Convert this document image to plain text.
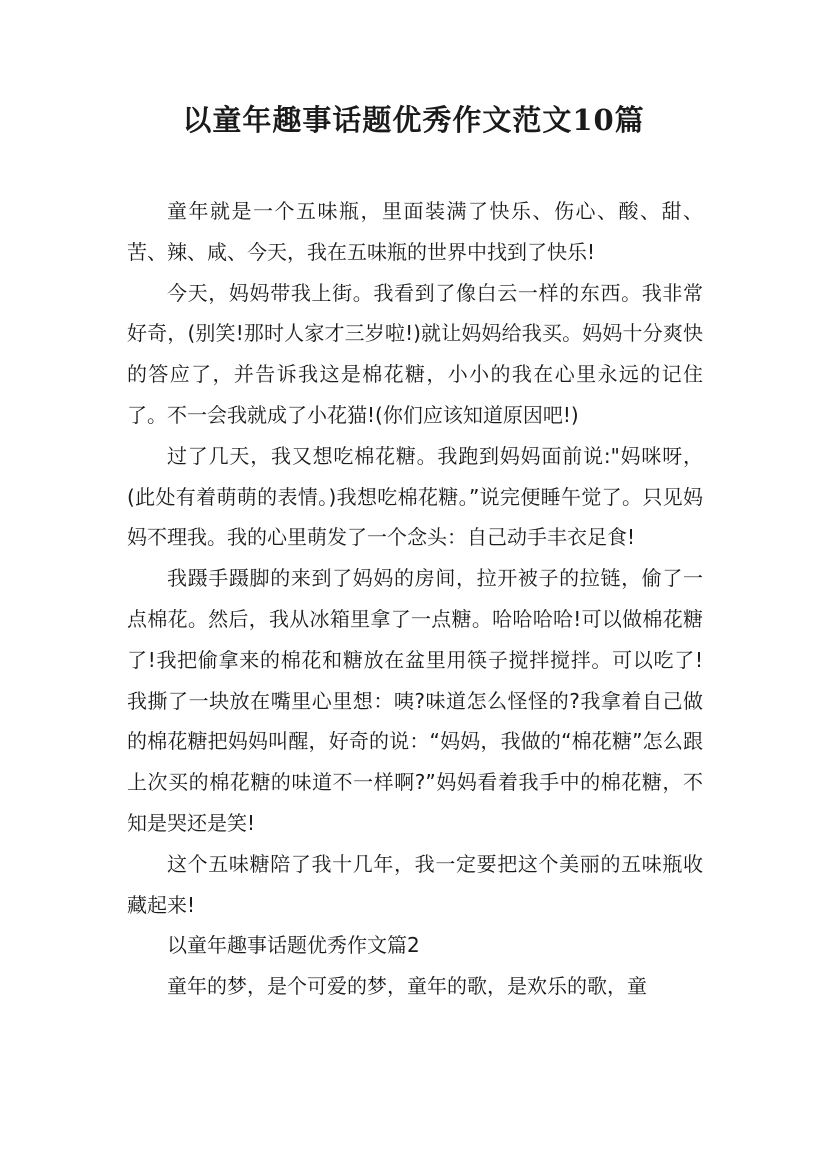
以童年趣事话题优秀作文范文10篇

童年就是一个五味瓶，里面装满了快乐、伤心、酸、甜、苦、辣、咸、今天，我在五味瓶的世界中找到了快乐!

今天，妈妈带我上街。我看到了像白云一样的东西。我非常好奇，(别笑!那时人家才三岁啦!)就让妈妈给我买。妈妈十分爽快的答应了，并告诉我这是棉花糖，小小的我在心里永远的记住了。不一会我就成了小花猫!(你们应该知道原因吧!)

过了几天，我又想吃棉花糖。我跑到妈妈面前说:"妈咪呀，(此处有着萌萌的表情。)我想吃棉花糖。”说完便睡午觉了。只见妈妈不理我。我的心里萌发了一个念头：自己动手丰衣足食!

我蹑手蹑脚的来到了妈妈的房间，拉开被子的拉链，偷了一点棉花。然后，我从冰箱里拿了一点糖。哈哈哈哈!可以做棉花糖了!我把偷拿来的棉花和糖放在盆里用筷子搅拌搅拌。可以吃了!我撕了一块放在嘴里心里想：咦?味道怎么怪怪的?我拿着自己做的棉花糖把妈妈叫醒，好奇的说：“妈妈，我做的“棉花糖”怎么跟上次买的棉花糖的味道不一样啊?”妈妈看着我手中的棉花糖，不知是哭还是笑!

这个五味糖陪了我十几年，我一定要把这个美丽的五味瓶收藏起来!

以童年趣事话题优秀作文篇2

童年的梦，是个可爱的梦，童年的歌，是欢乐的歌，童
